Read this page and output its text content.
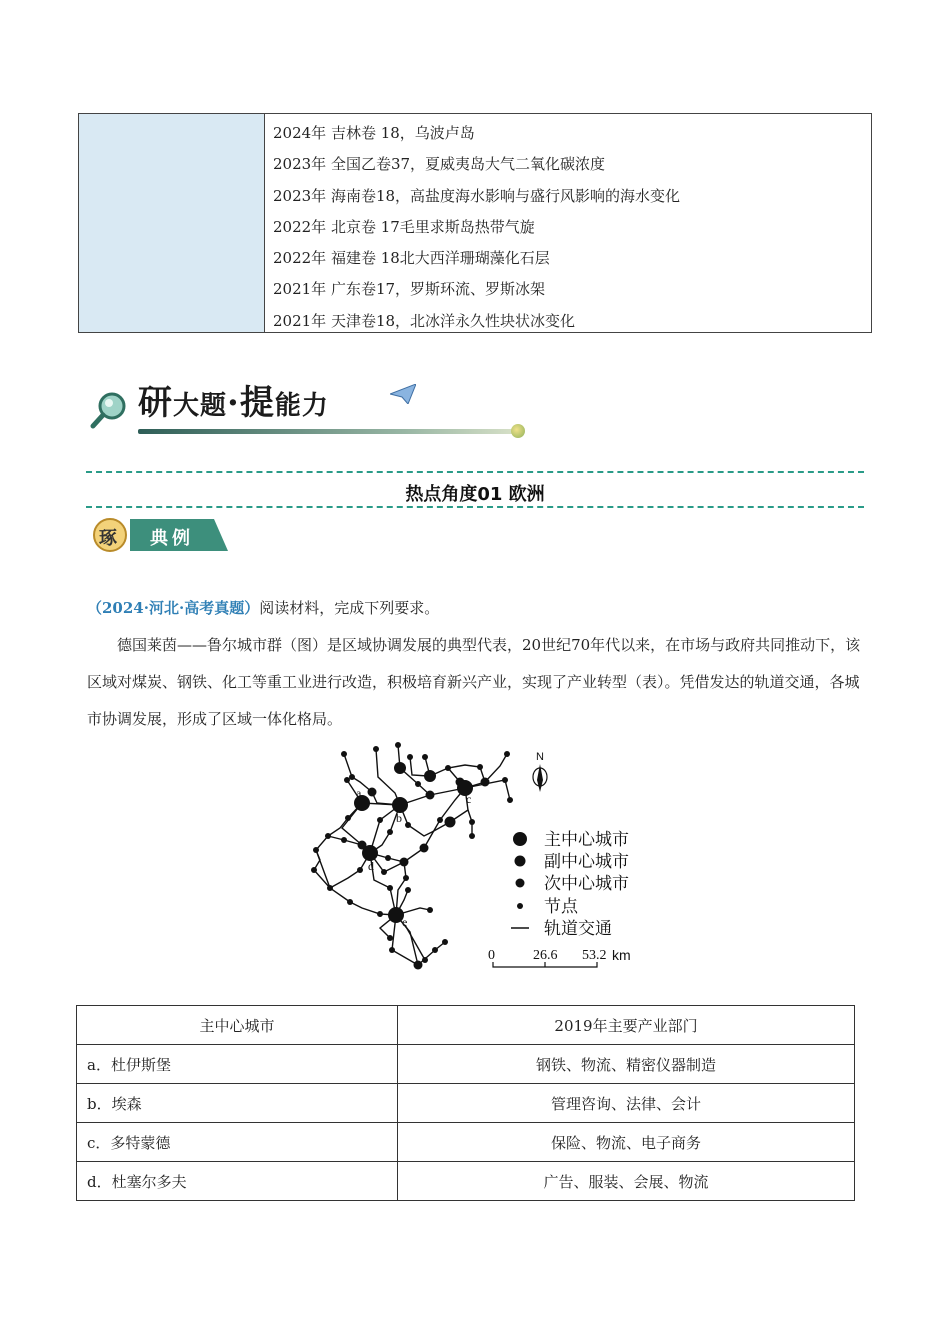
2024年 吉林卷 18，乌波卢岛
2023年 全国乙卷37，夏威夷岛大气二氧化碳浓度
2023年 海南卷18，高盐度海水影响与盛行风影响的海水变化
2022年 北京卷 17毛里求斯岛热带气旋
2022年 福建卷 18北大西洋珊瑚藻化石层
2021年 广东卷17，罗斯环流、罗斯冰架
2021年 天津卷18，北冰洋永久性块状冰变化
研大题·提能力
热点角度01 欧洲
琢 典例
（2024·河北·高考真题）阅读材料，完成下列要求。
德国莱茵——鲁尔城市群（图）是区域协调发展的典型代表，20世纪70年代以来，在市场与政府共同推动下，该区域对煤炭、钢铁、化工等重工业进行改造，积极培育新兴产业，实现了产业转型（表）。凭借发达的轨道交通，各城市协调发展，形成了区域一体化格局。
a
b
c
d
e
N
主中心城市
副中心城市
次中心城市
节点
轨道交通
0	26.6 53.2 km
主中心城市	2019年主要产业部门
a．杜伊斯堡	钢铁、物流、精密仪器制造
b．埃森	管理咨询、法律、会计
c．多特蒙德	保险、物流、电子商务
d．杜塞尔多夫	广告、服装、会展、物流
